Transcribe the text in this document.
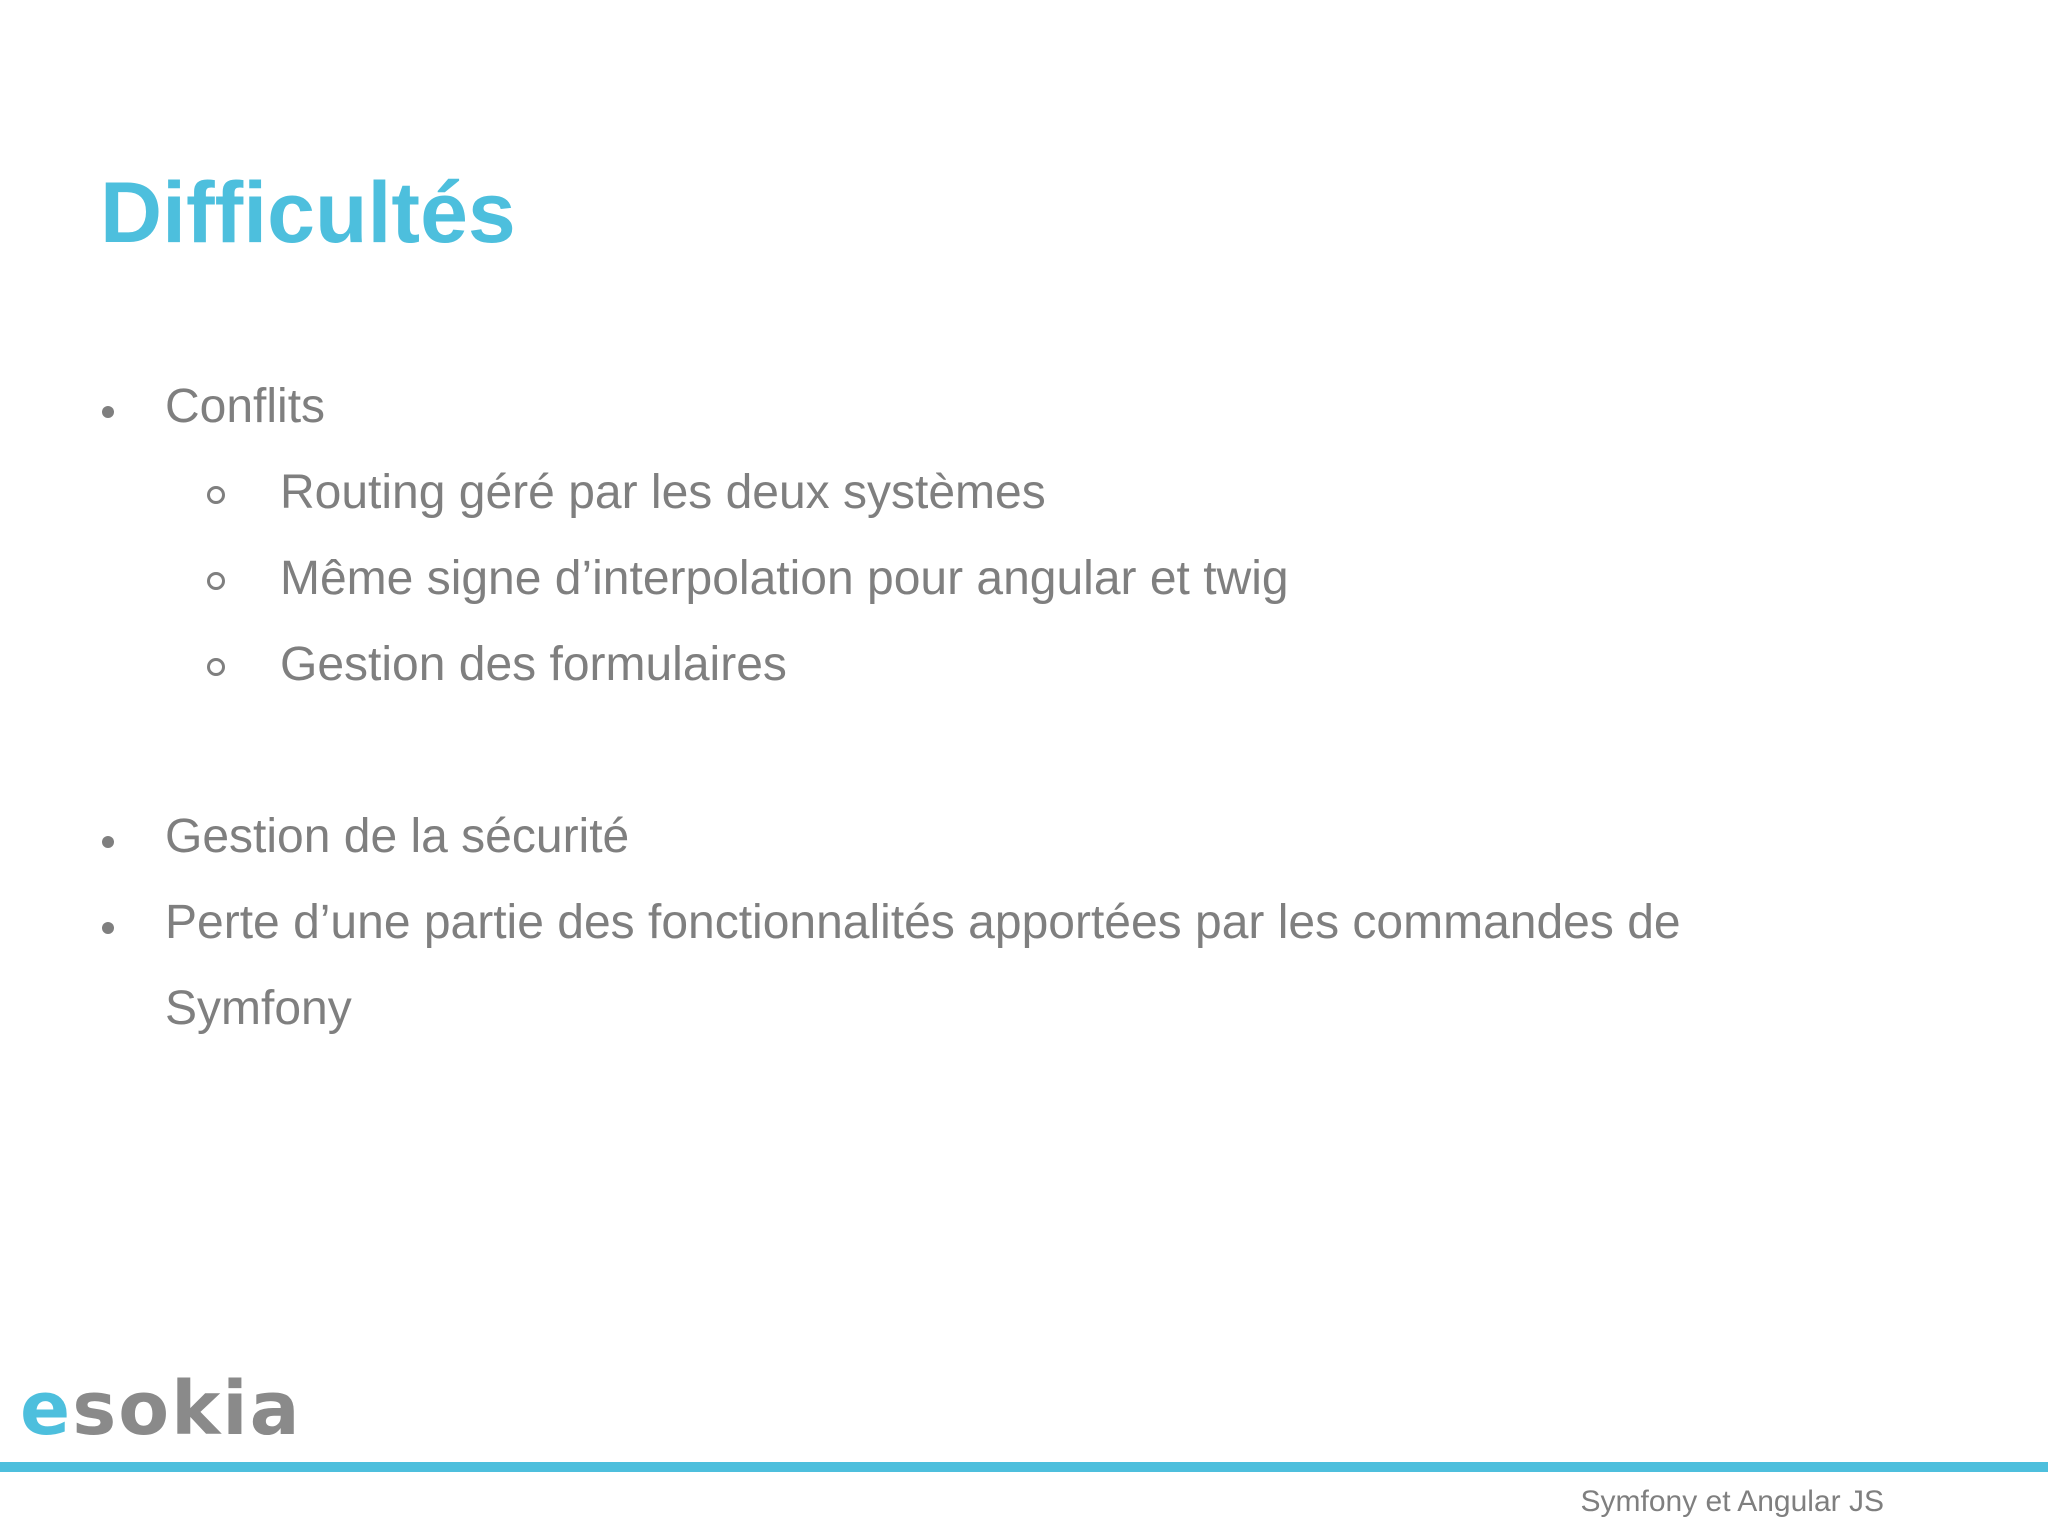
Difficultés
Conflits
Routing géré par les deux systèmes
Même signe d’interpolation pour angular et twig
Gestion des formulaires
Gestion de la sécurité
Perte d’une partie des fonctionnalités apportées par les commandes de
Symfony
esokia
Symfony et Angular JS
